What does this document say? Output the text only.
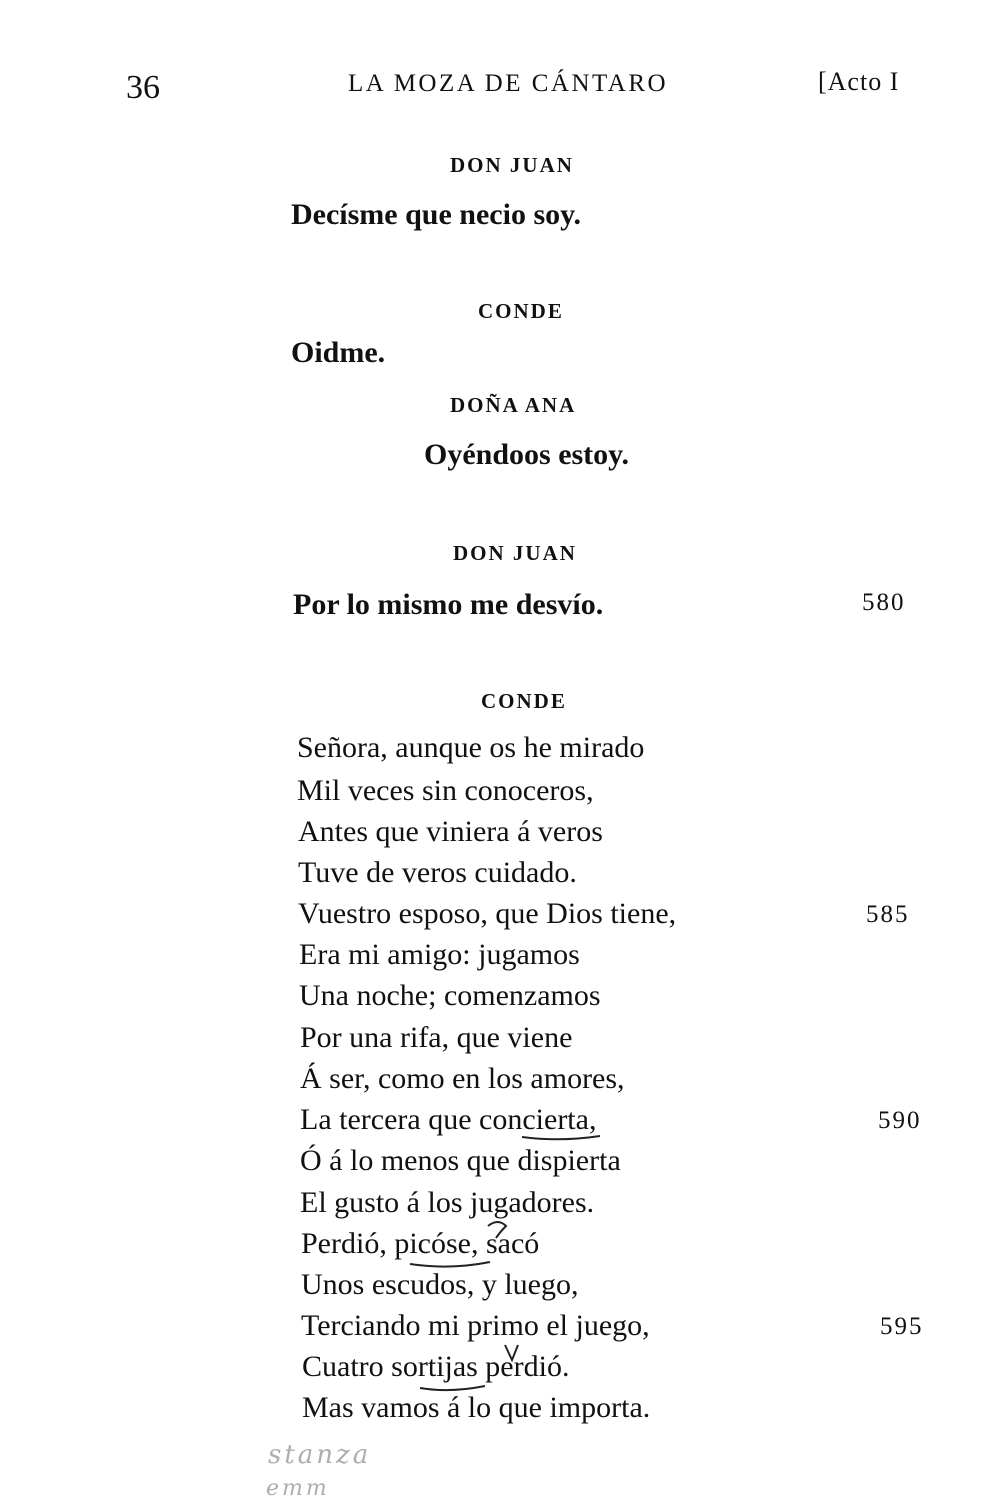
36	LA MOZA DE CÁNTARO	[Acto I
DON JUAN
Decísme que necio soy.
CONDE
Oidme.
DOÑA ANA
Oyéndoos estoy.
DON JUAN
Por lo mismo me desvío.	580
CONDE
Señora, aunque os he mirado
Mil veces sin conoceros,
Antes que viniera á veros
Tuve de veros cuidado.
Vuestro esposo, que Dios tiene,	585
Era mi amigo: jugamos
Una noche; comenzamos
Por una rifa, que viene
Á ser, como en los amores,
La tercera que concierta,	590
Ó á lo menos que dispierta
El gusto á los jugadores.
Perdió, picóse, sacó
Unos escudos, y luego,
Terciando mi primo el juego,	595
Cuatro sortijas perdió.
Mas vamos á lo que importa.
stanza
emm
